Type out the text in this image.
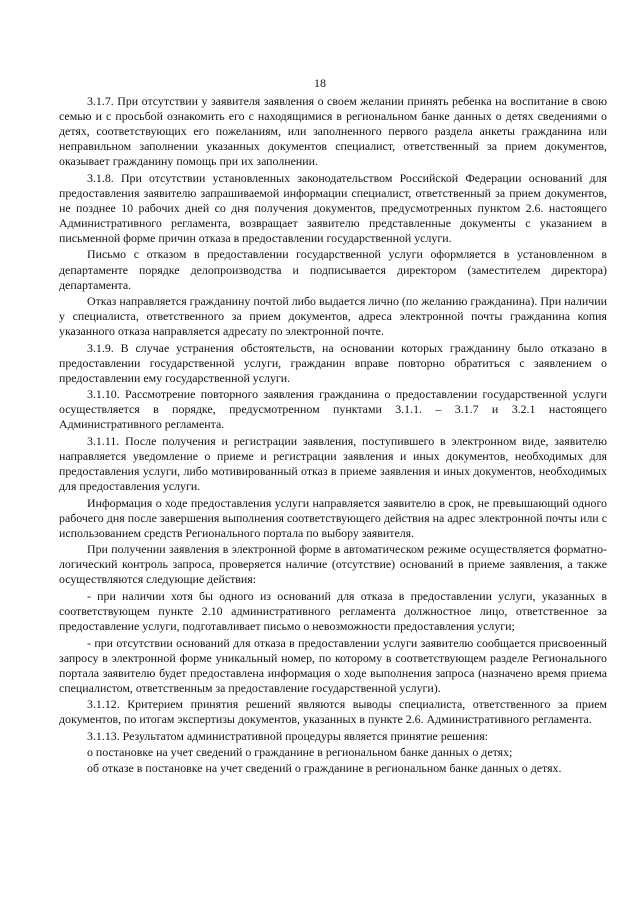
18

3.1.7. При отсутствии у заявителя заявления о своем желании принять ребенка на воспитание в свою семью и с просьбой ознакомить его с находящимися в региональном банке данных о детях сведениями о детях, соответствующих его пожеланиям, или заполненного первого раздела анкеты гражданина или неправильном заполнении указанных документов специалист, ответственный за прием документов, оказывает гражданину помощь при их заполнении.

3.1.8. При отсутствии установленных законодательством Российской Федерации оснований для предоставления заявителю запрашиваемой информации специалист, ответственный за прием документов, не позднее 10 рабочих дней со дня получения документов, предусмотренных пунктом 2.6. настоящего Административного регламента, возвращает заявителю представленные документы с указанием в письменной форме причин отказа в предоставлении государственной услуги.

Письмо с отказом в предоставлении государственной услуги оформляется в установленном в департаменте порядке делопроизводства и подписывается директором (заместителем директора) департамента.

Отказ направляется гражданину почтой либо выдается лично (по желанию гражданина). При наличии у специалиста, ответственного за прием документов, адреса электронной почты гражданина копия указанного отказа направляется адресату по электронной почте.

3.1.9. В случае устранения обстоятельств, на основании которых гражданину было отказано в предоставлении государственной услуги, гражданин вправе повторно обратиться с заявлением о предоставлении ему государственной услуги.

3.1.10. Рассмотрение повторного заявления гражданина о предоставлении государственной услуги осуществляется в порядке, предусмотренном пунктами 3.1.1. – 3.1.7 и 3.2.1 настоящего Административного регламента.

3.1.11. После получения и регистрации заявления, поступившего в электронном виде, заявителю направляется уведомление о приеме и регистрации заявления и иных документов, необходимых для предоставления услуги, либо мотивированный отказ в приеме заявления и иных документов, необходимых для предоставления услуги.

Информация о ходе предоставления услуги направляется заявителю в срок, не превышающий одного рабочего дня после завершения выполнения соответствующего действия на адрес электронной почты или с использованием средств Регионального портала по выбору заявителя.

При получении заявления в электронной форме в автоматическом режиме осуществляется форматно-логический контроль запроса, проверяется наличие (отсутствие) оснований в приеме заявления, а также осуществляются следующие действия:

- при наличии хотя бы одного из оснований для отказа в предоставлении услуги, указанных в соответствующем пункте 2.10 административного регламента должностное лицо, ответственное за предоставление услуги, подготавливает письмо о невозможности предоставления услуги;

- при отсутствии оснований для отказа в предоставлении услуги заявителю сообщается присвоенный запросу в электронной форме уникальный номер, по которому в соответствующем разделе Регионального портала заявителю будет предоставлена информация о ходе выполнения запроса (назначено время приема специалистом, ответственным за предоставление государственной услуги).

3.1.12. Критерием принятия решений являются выводы специалиста, ответственного за прием документов, по итогам экспертизы документов, указанных в пункте 2.6. Административного регламента.

3.1.13. Результатом административной процедуры является принятие решения:

о постановке на учет сведений о гражданине в региональном банке данных о детях;

об отказе в постановке на учет сведений о гражданине в региональном банке данных о детях.
